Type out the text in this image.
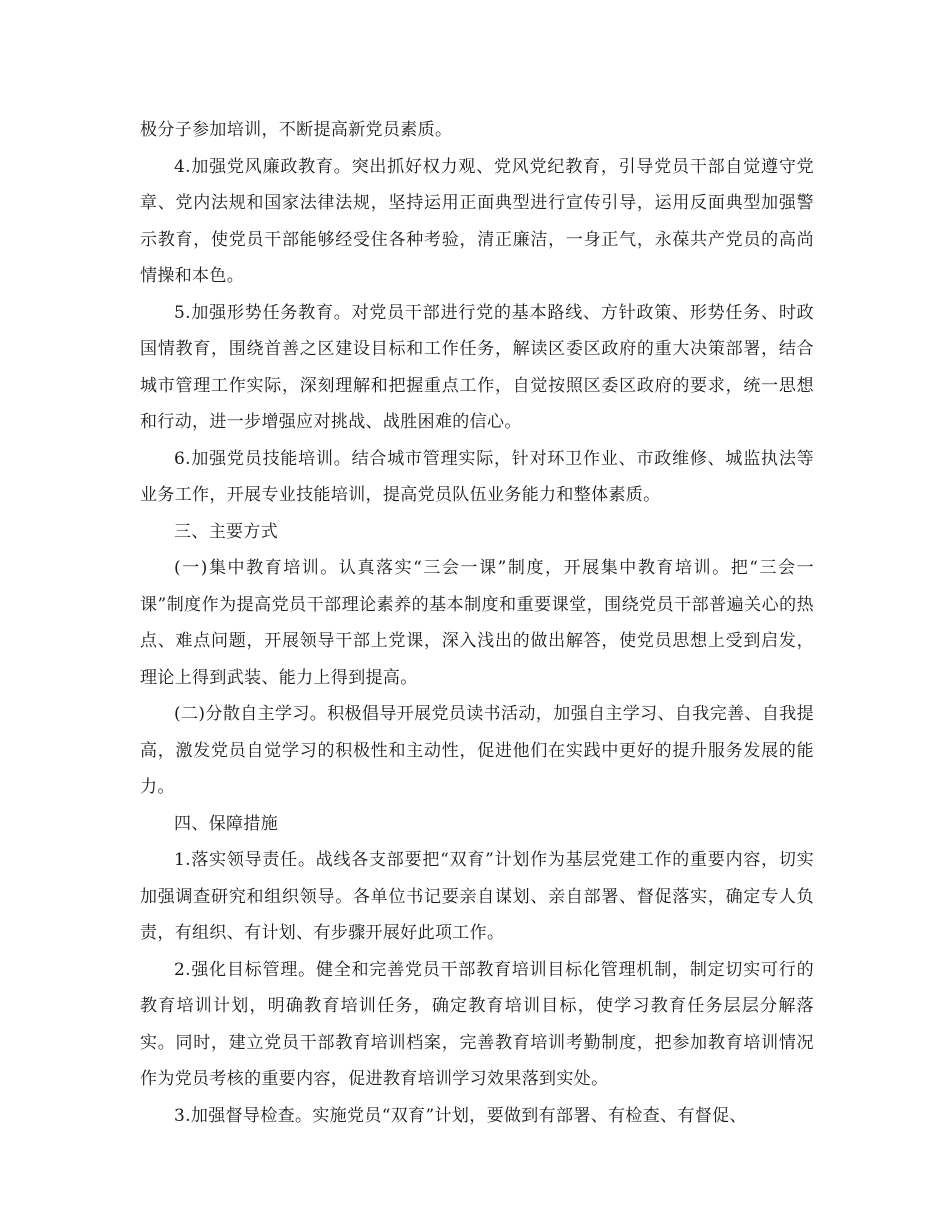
极分子参加培训，不断提高新党员素质。

4.加强党风廉政教育。突出抓好权力观、党风党纪教育，引导党员干部自觉遵守党章、党内法规和国家法律法规，坚持运用正面典型进行宣传引导，运用反面典型加强警示教育，使党员干部能够经受住各种考验，清正廉洁，一身正气，永葆共产党员的高尚情操和本色。

5.加强形势任务教育。对党员干部进行党的基本路线、方针政策、形势任务、时政国情教育，围绕首善之区建设目标和工作任务，解读区委区政府的重大决策部署，结合城市管理工作实际，深刻理解和把握重点工作，自觉按照区委区政府的要求，统一思想和行动，进一步增强应对挑战、战胜困难的信心。

6.加强党员技能培训。结合城市管理实际，针对环卫作业、市政维修、城监执法等业务工作，开展专业技能培训，提高党员队伍业务能力和整体素质。

三、主要方式

(一)集中教育培训。认真落实“三会一课”制度，开展集中教育培训。把“三会一课”制度作为提高党员干部理论素养的基本制度和重要课堂，围绕党员干部普遍关心的热点、难点问题，开展领导干部上党课，深入浅出的做出解答，使党员思想上受到启发，理论上得到武装、能力上得到提高。

(二)分散自主学习。积极倡导开展党员读书活动，加强自主学习、自我完善、自我提高，激发党员自觉学习的积极性和主动性，促进他们在实践中更好的提升服务发展的能力。

四、保障措施

1.落实领导责任。战线各支部要把“双育”计划作为基层党建工作的重要内容，切实加强调查研究和组织领导。各单位书记要亲自谋划、亲自部署、督促落实，确定专人负责，有组织、有计划、有步骤开展好此项工作。

2.强化目标管理。健全和完善党员干部教育培训目标化管理机制，制定切实可行的教育培训计划，明确教育培训任务，确定教育培训目标，使学习教育任务层层分解落实。同时，建立党员干部教育培训档案，完善教育培训考勤制度，把参加教育培训情况作为党员考核的重要内容，促进教育培训学习效果落到实处。

3.加强督导检查。实施党员“双育”计划，要做到有部署、有检查、有督促、
